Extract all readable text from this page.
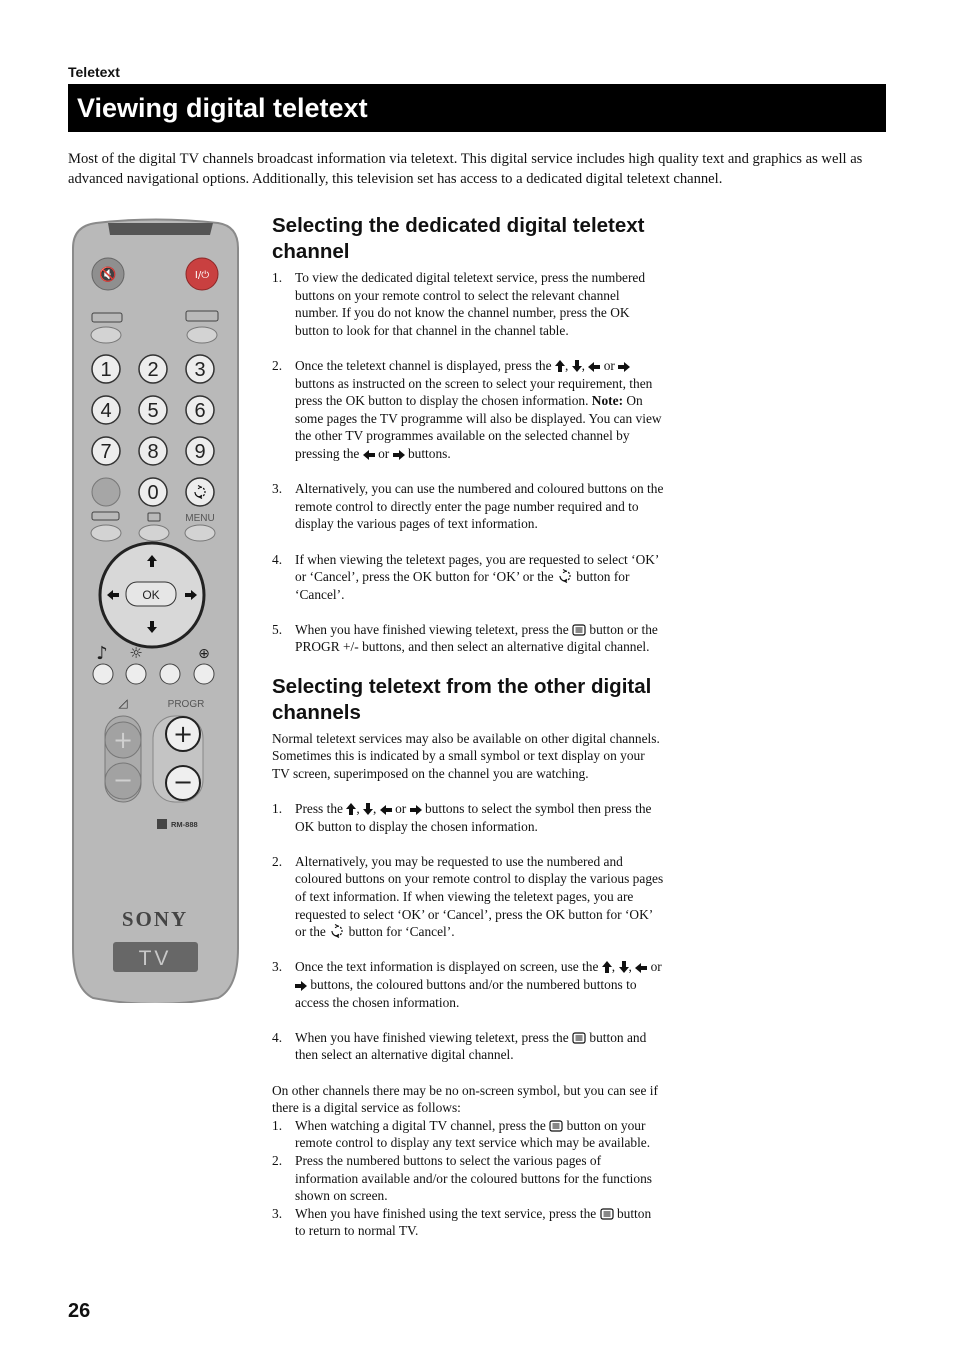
Teletext
Viewing digital teletext
Most of the digital TV channels broadcast information via teletext. This digital service includes high quality text and graphics as well as advanced navigational options. Additionally, this television set has access to a dedicated digital teletext channel.
🔇	I/⏻
1 2 3
4 5 6
7 8 9
0
MENU
OK
♪ ☼	⊕
◿	PROGR
+
−
+
−
RM-888
SONY
TV
Selecting the dedicated digital teletext channel
1. To view the dedicated digital teletext service, press the numbered buttons on your remote control to select the relevant channel number. If you do not know the channel number, press the OK button to look for that channel in the channel table.
2. Once the teletext channel is displayed, press the , ,  or  buttons as instructed on the screen to select your requirement, then press the OK button to display the chosen information. Note: On some pages the TV programme will also be displayed. You can view the other TV programmes available on the selected channel by pressing the or buttons.
3. Alternatively, you can use the numbered and coloured buttons on the remote control to directly enter the page number required and to display the various pages of text information.
4. If when viewing the teletext pages, you are requested to select ‘OK’ or ‘Cancel’, press the OK button for ‘OK’ or the button for ‘Cancel’.
5. When you have finished viewing teletext, press the button or the PROGR +/- buttons, and then select an alternative digital channel.
Selecting teletext from the other digital channels

Normal teletext services may also be available on other digital channels. Sometimes this is indicated by a small symbol or text display on your TV screen, superimposed on the channel you are watching.

1. Press the , ,  or buttons to select the symbol then press the OK button to display the chosen information.
2. Alternatively, you may be requested to use the numbered and coloured buttons on your remote control to display the various pages of text information. If when viewing the teletext pages, you are requested to select ‘OK’ or ‘Cancel’, press the OK button for ‘OK’ or the button for ‘Cancel’.
3. Once the text information is displayed on screen, use the , ,  or  buttons, the coloured buttons and/or the numbered buttons to access the chosen information.
4. When you have finished viewing teletext, press the button and then select an alternative digital channel.

On other channels there may be no on-screen symbol, but you can see if there is a digital service as follows:

1. When watching a digital TV channel, press the button on your remote control to display any text service which may be available.
2. Press the numbered buttons to select the various pages of information available and/or the coloured buttons for the functions shown on screen.
3. When you have finished using the text service, press the button to return to normal TV.
26
